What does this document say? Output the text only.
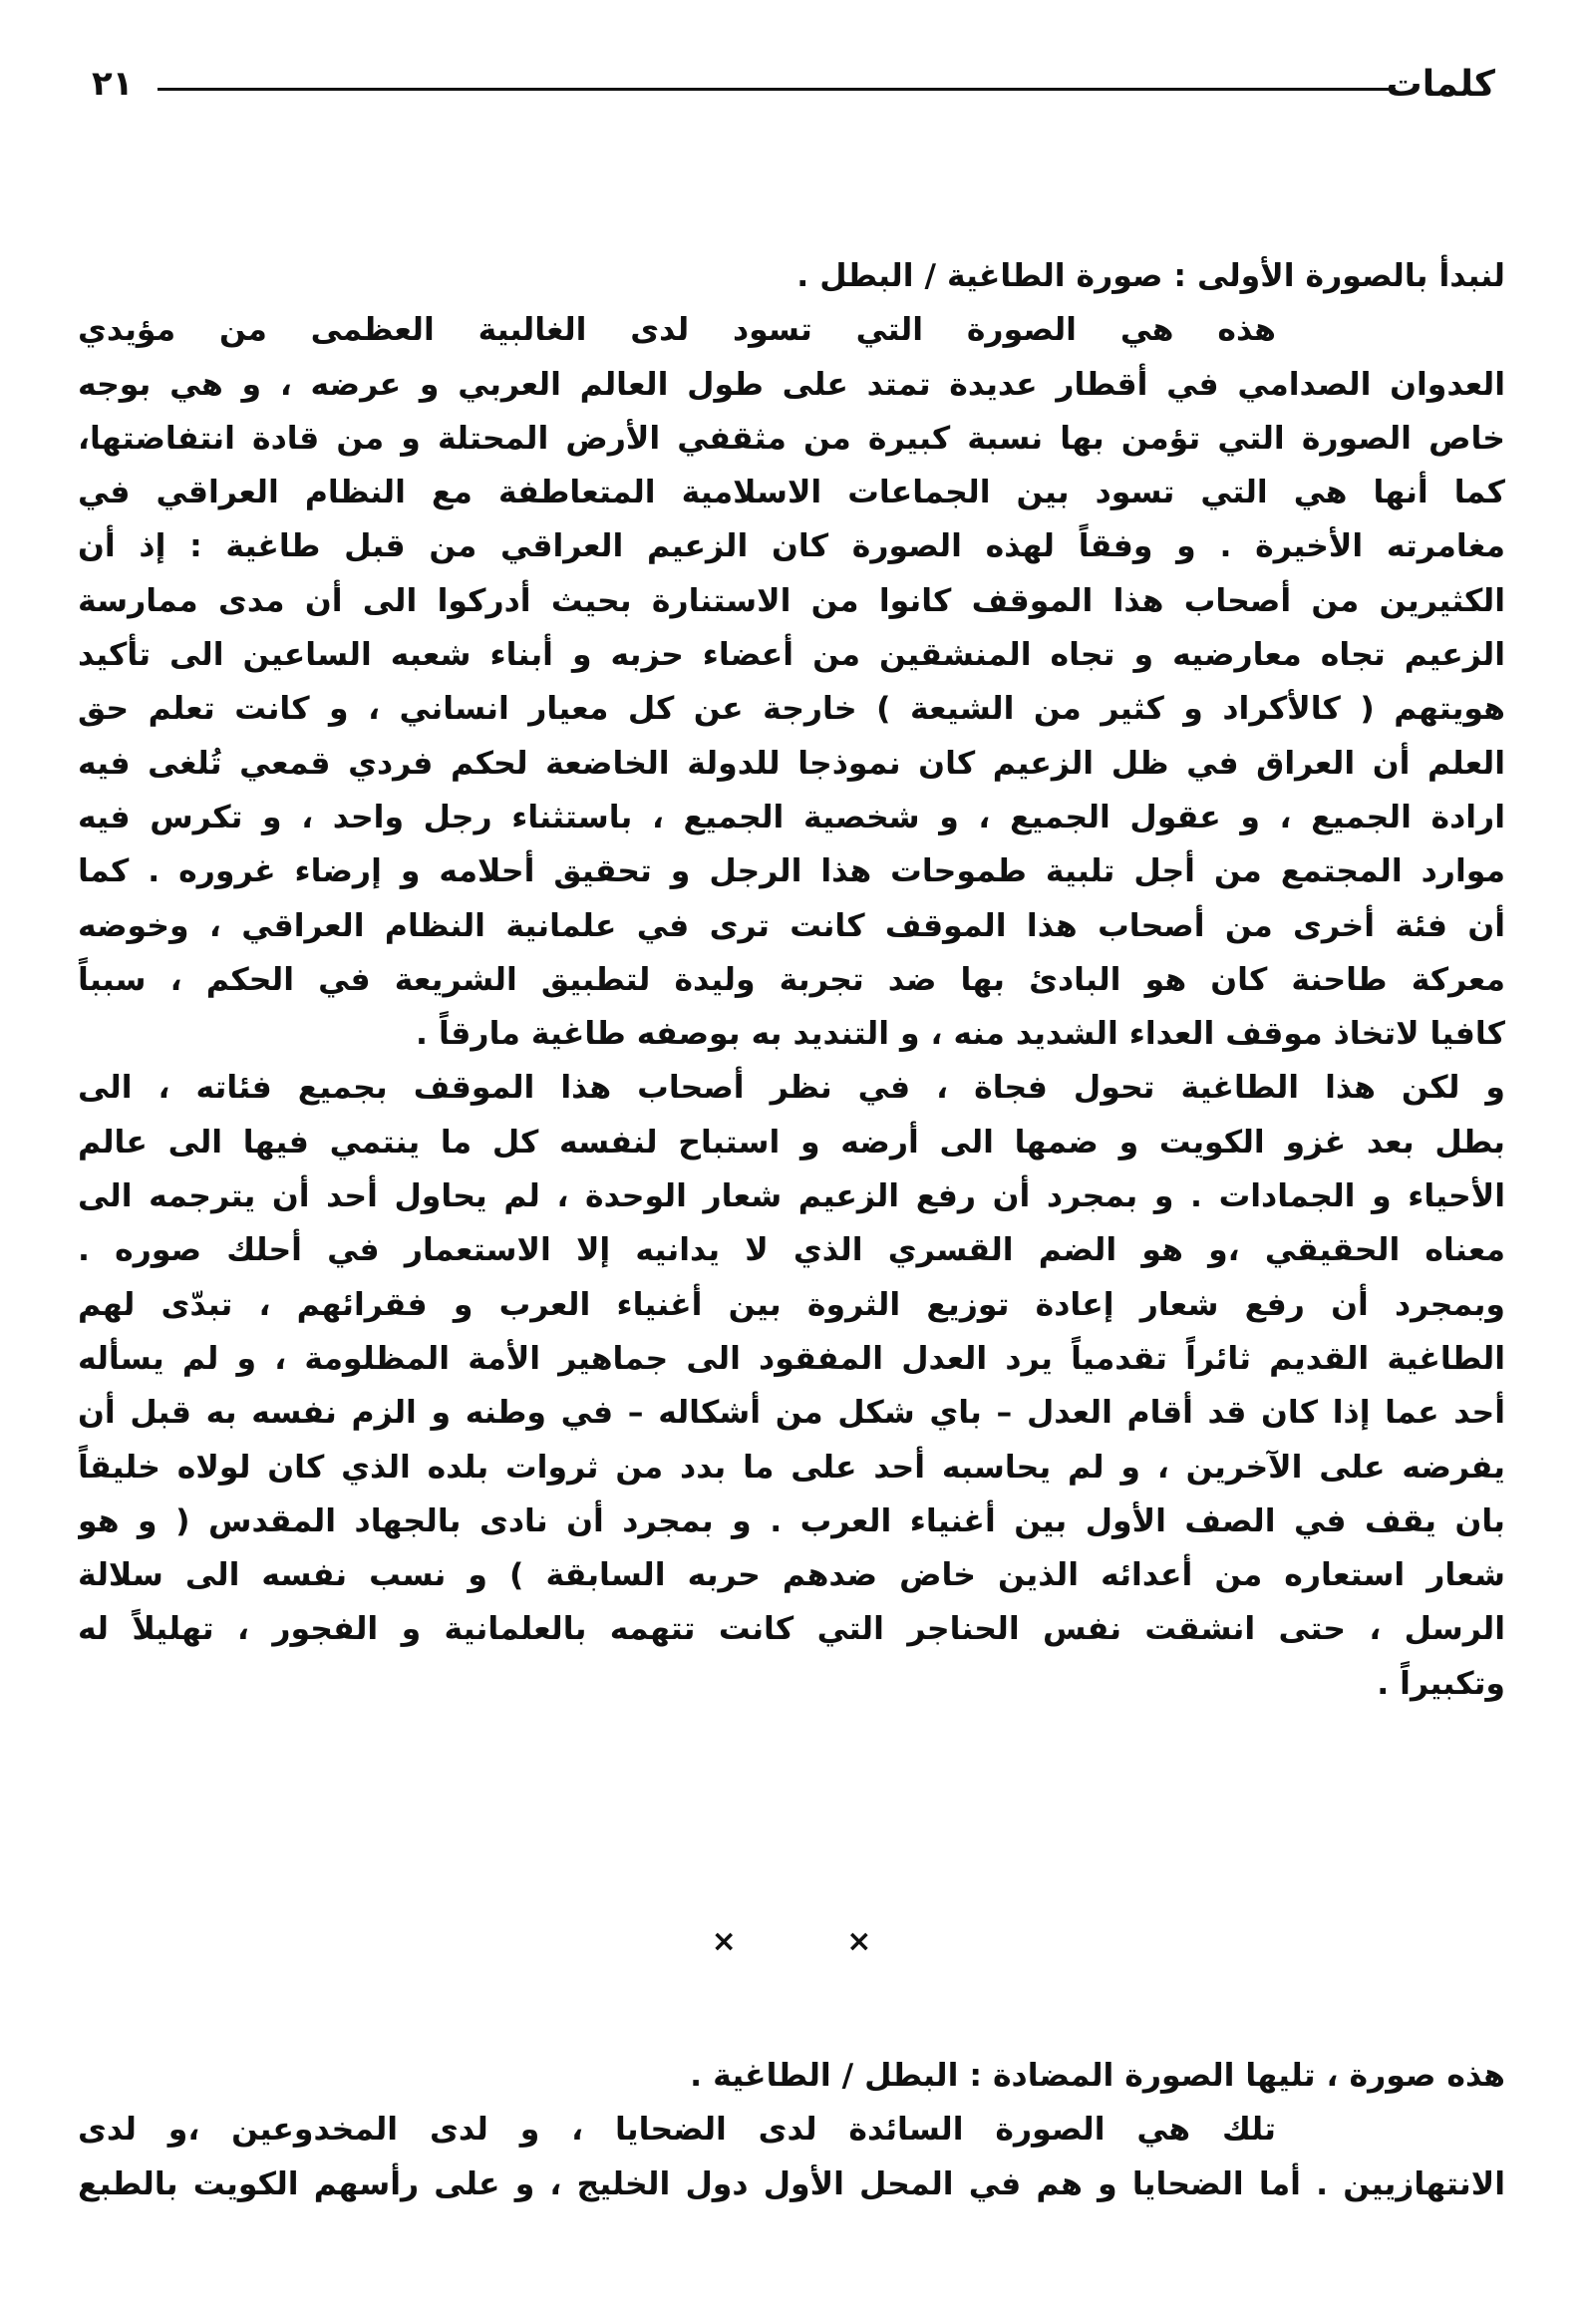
٢١	كلمات
لنبدأ بالصورة الأولى : صورة الطاغية / البطل .
هذه هي الصورة التي تسود لدى الغالبية العظمى من مؤيدي
العدوان الصدامي في أقطار عديدة تمتد على طول العالم العربي و عرضه ، و هي بوجه
خاص الصورة التي تؤمن بها نسبة كبيرة من مثقفي الأرض المحتلة و من قادة انتفاضتها،
كما أنها هي التي تسود بين الجماعات الاسلامية المتعاطفة مع النظام العراقي في
مغامرته الأخيرة . و وفقاً لهذه الصورة كان الزعيم العراقي من قبل طاغية : إذ أن
الكثيرين من أصحاب هذا الموقف كانوا من الاستنارة بحيث أدركوا الى أن مدى ممارسة
الزعيم تجاه معارضيه و تجاه المنشقين من أعضاء حزبه و أبناء شعبه الساعين الى تأكيد
هويتهم ( كالأكراد و كثير من الشيعة ) خارجة عن كل معيار انساني ، و كانت تعلم حق
العلم أن العراق في ظل الزعيم كان نموذجا للدولة الخاضعة لحكم فردي قمعي تُلغى فيه
ارادة الجميع ، و عقول الجميع ، و شخصية الجميع ، باستثناء رجل واحد ، و تكرس فيه
موارد المجتمع من أجل تلبية طموحات هذا الرجل و تحقيق أحلامه و إرضاء غروره . كما
أن فئة أخرى من أصحاب هذا الموقف كانت ترى في علمانية النظام العراقي ، وخوضه
معركة طاحنة كان هو البادئ بها ضد تجربة وليدة لتطبيق الشريعة في الحكم ، سبباً
كافيا لاتخاذ موقف العداء الشديد منه ، و التنديد به بوصفه طاغية مارقاً .
و لكن هذا الطاغية تحول فجاة ، في نظر أصحاب هذا الموقف بجميع فئاته ، الى
بطل بعد غزو الكويت و ضمها الى أرضه و استباح لنفسه كل ما ينتمي فيها الى عالم
الأحياء و الجمادات . و بمجرد أن رفع الزعيم شعار الوحدة ، لم يحاول أحد أن يترجمه الى
معناه الحقيقي ،و هو الضم القسري الذي لا يدانيه إلا الاستعمار في أحلك صوره .
وبمجرد أن رفع شعار إعادة توزيع الثروة بين أغنياء العرب و فقرائهم ، تبدّى لهم
الطاغية القديم ثائراً تقدمياً يرد العدل المفقود الى جماهير الأمة المظلومة ، و لم يسأله
أحد عما إذا كان قد أقام العدل – باي شكل من أشكاله – في وطنه و الزم نفسه به قبل أن
يفرضه على الآخرين ، و لم يحاسبه أحد على ما بدد من ثروات بلده الذي كان لولاه خليقاً
بان يقف في الصف الأول بين أغنياء العرب . و بمجرد أن نادى بالجهاد المقدس ( و هو
شعار استعاره من أعدائه الذين خاض ضدهم حربه السابقة ) و نسب نفسه الى سلالة
الرسل ، حتى انشقت نفس الحناجر التي كانت تتهمه بالعلمانية و الفجور ، تهليلاً له
وتكبيراً .
×	×
هذه صورة ، تليها الصورة المضادة : البطل / الطاغية .
تلك هي الصورة السائدة لدى الضحايا ، و لدى المخدوعين ،و لدى
الانتهازيين . أما الضحايا و هم في المحل الأول دول الخليج ، و على رأسهم الكويت بالطبع
